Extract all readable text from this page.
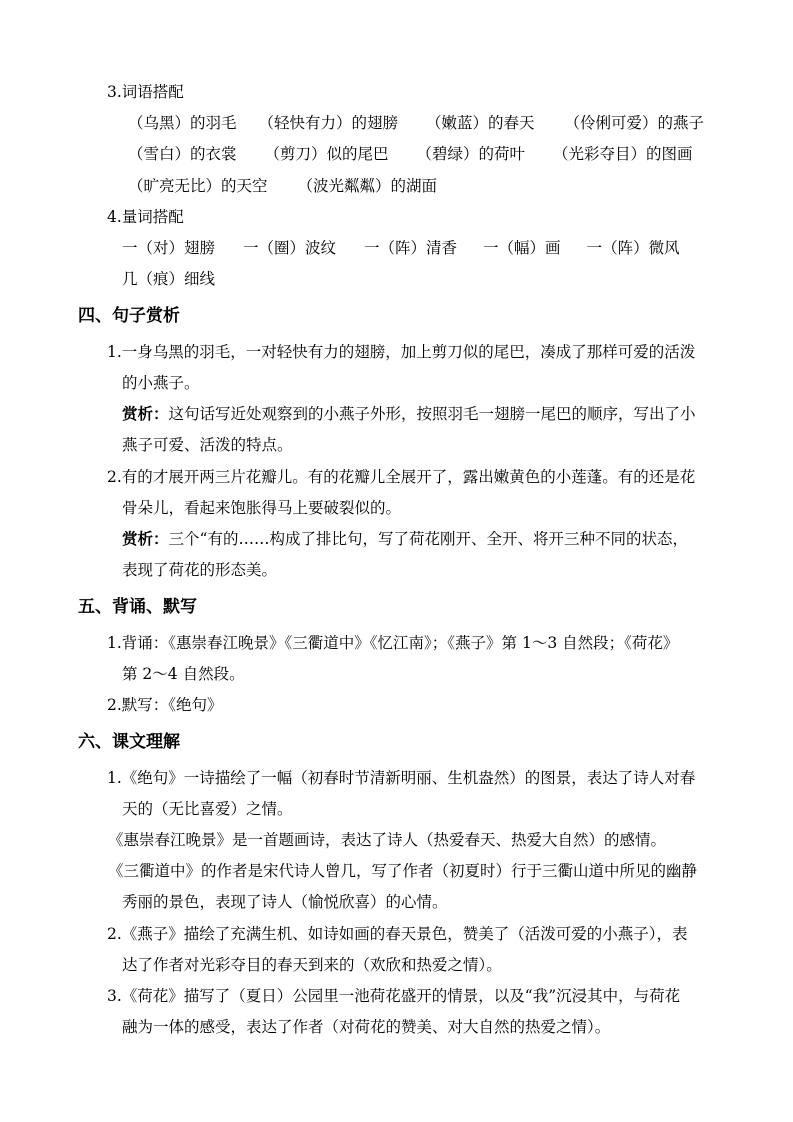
3.词语搭配
（乌黑）的羽毛 （轻快有力）的翅膀 （嫩蓝）的春天 （伶俐可爱）的燕子
（雪白）的衣裳 （剪刀）似的尾巴 （碧绿）的荷叶 （光彩夺目）的图画
（旷亮无比）的天空 （波光粼粼）的湖面
4.量词搭配
一（对）翅膀 一（圈）波纹 一（阵）清香 一（幅）画 一（阵）微风
几（痕）细线
四、句子赏析
1.一身乌黑的羽毛，一对轻快有力的翅膀，加上剪刀似的尾巴，凑成了那样可爱的活泼
的小燕子。
赏析：这句话写近处观察到的小燕子外形，按照羽毛一翅膀一尾巴的顺序，写出了小
燕子可爱、活泼的特点。
2.有的才展开两三片花瓣儿。有的花瓣儿全展开了，露出嫩黄色的小莲蓬。有的还是花
骨朵儿，看起来饱胀得马上要破裂似的。
赏析：三个“有的……构成了排比句，写了荷花刚开、全开、将开三种不同的状态，
表现了荷花的形态美。
五、背诵、默写
1.背诵：《惠崇春江晚景》《三衢道中》《忆江南》；《燕子》第 1～3 自然段；《荷花》
第 2～4 自然段。
2.默写：《绝句》
六、课文理解
1.《绝句》一诗描绘了一幅（初春时节清新明丽、生机盎然）的图景，表达了诗人对春
天的（无比喜爱）之情。
《惠崇春江晚景》是一首题画诗，表达了诗人（热爱春天、热爱大自然）的感情。
《三衢道中》的作者是宋代诗人曾几，写了作者（初夏时）行于三衢山道中所见的幽静
秀丽的景色，表现了诗人（愉悦欣喜）的心情。
2.《燕子》描绘了充满生机、如诗如画的春天景色，赞美了（活泼可爱的小燕子），表
达了作者对光彩夺目的春天到来的（欢欣和热爱之情）。
3.《荷花》描写了（夏日）公园里一池荷花盛开的情景，以及“我”沉浸其中，与荷花
融为一体的感受，表达了作者（对荷花的赞美、对大自然的热爱之情）。
